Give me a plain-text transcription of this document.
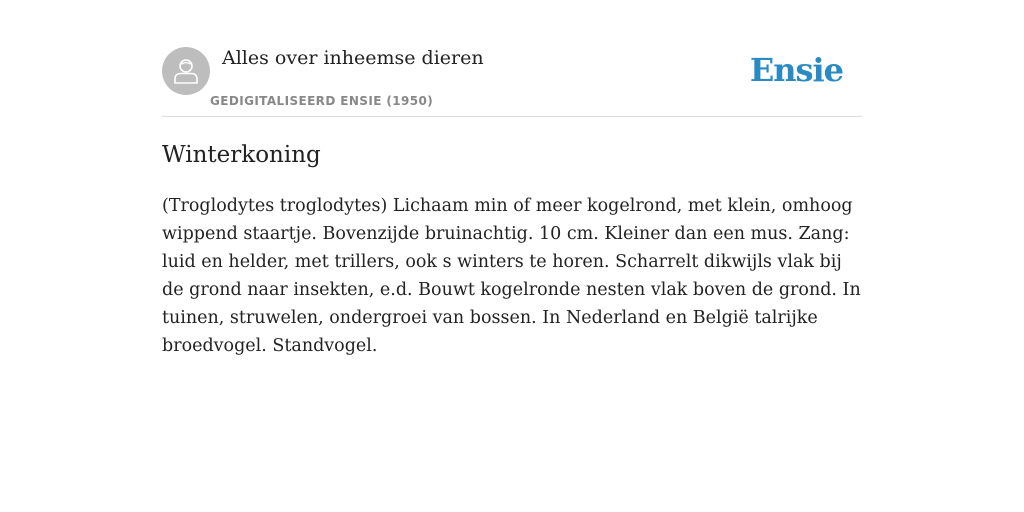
Alles over inheemse dieren
GEDIGITALISEERD ENSIE (1950)
Ensie
Winterkoning

(Troglodytes troglodytes) Lichaam min of meer kogelrond, met klein, omhoog wippend staartje. Bovenzijde bruinachtig. 10 cm. Kleiner dan een mus. Zang: luid en helder, met trillers, ook s winters te horen. Scharrelt dikwijls vlak bij de grond naar insekten, e.d. Bouwt kogelronde nesten vlak boven de grond. In tuinen, struwelen, ondergroei van bossen. In Nederland en België talrijke broedvogel. Standvogel.
